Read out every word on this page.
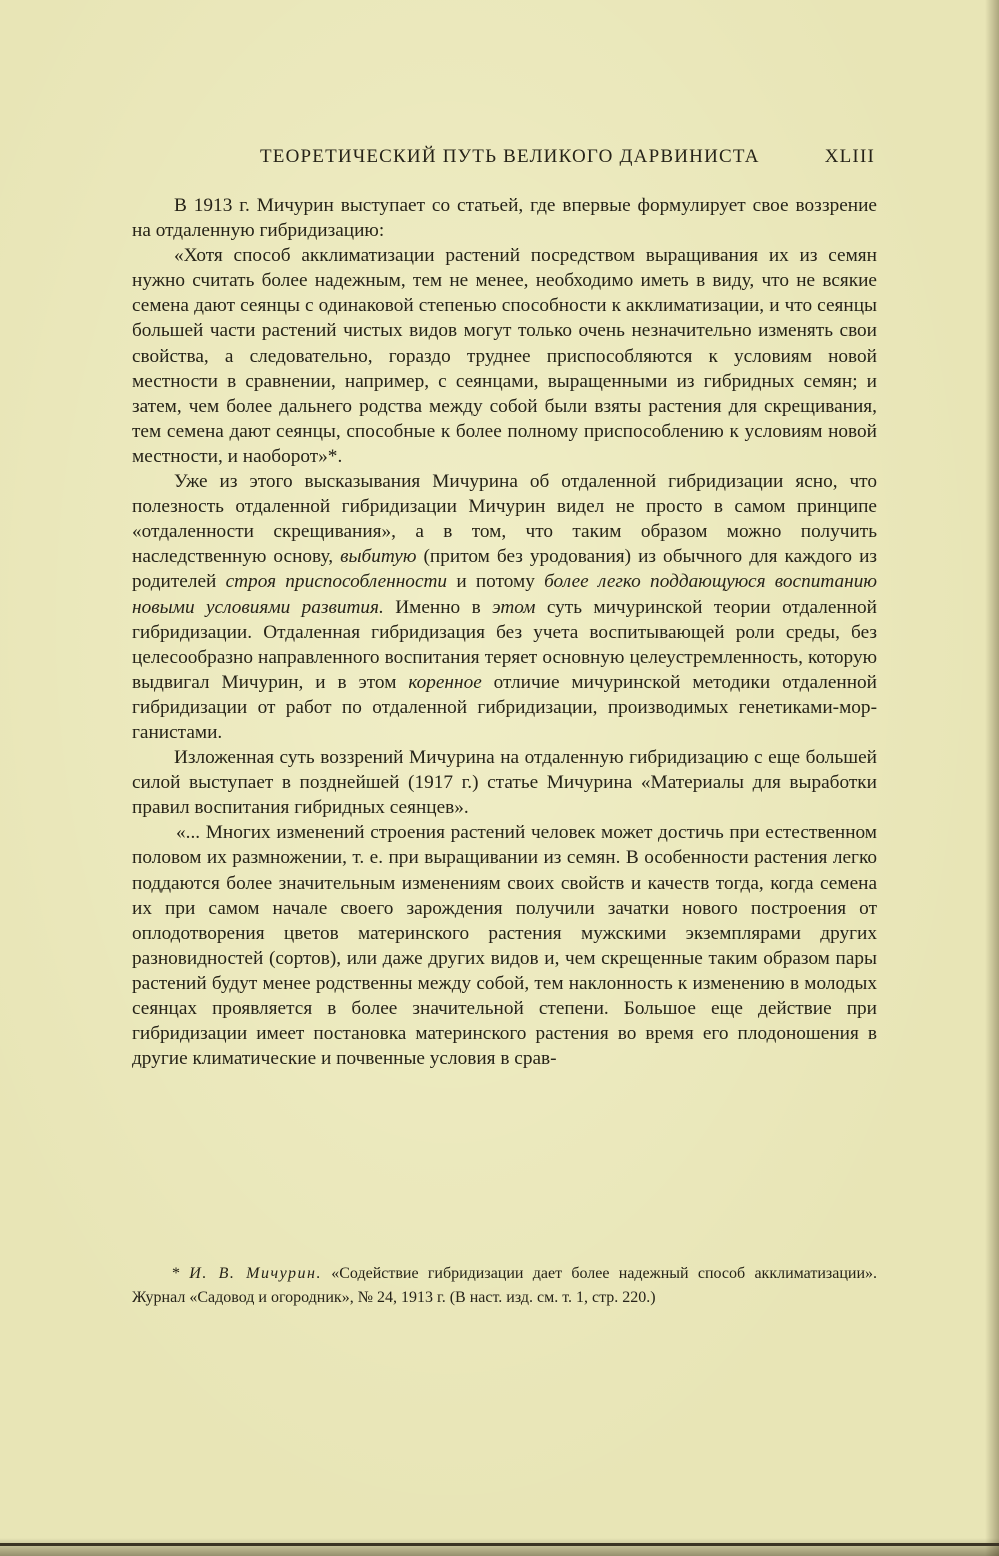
ТЕОРЕТИЧЕСКИЙ ПУТЬ ВЕЛИКОГО ДАРВИНИСТА	XLIII

В 1913 г. Мичурин выступает со статьей, где впервые формулирует свое воззрение на отдаленную гибридизацию:

«Хотя способ акклиматизации растений посредством выращивания их из семян нужно считать более надежным, тем не менее, необходимо иметь в виду, что не всякие семена дают сеянцы с одинаковой степенью способности к акклиматизации, и что сеянцы большей части растений чистых видов могут только очень незначительно изменять свои свойства, а следовательно, гораздо труднее приспособляются к условиям новой местности в сравнении, например, с сеянцами, выращенными из гибридных семян; и затем, чем более дальнего родства между собой были взяты растения для скрещивания, тем семена дают сеянцы, способные к более полному приспособлению к условиям новой местности, и наоборот»*.

Уже из этого высказывания Мичурина об отдаленной гибридизации ясно, что полезность отдаленной гибридизации Мичурин видел не просто в самом принципе «отдаленности скрещивания», а в том, что таким образом можно получить наследственную основу, выбитую (притом без уродования) из обычного для каждого из родителей строя приспособленности и потому более легко поддающуюся воспитанию новыми условиями развития. Именно в этом суть мичуринской теории отдаленной гибридизации. Отдаленная гибридизация без учета воспитывающей роли среды, без целесообразно направленного воспитания теряет основную целеустремленность, которую выдвигал Мичурин, и в этом коренное отличие мичуринской методики отдаленной гибридизации от работ по отдаленной гибридизации, производимых генетиками-морганистами.

Изложенная суть воззрений Мичурина на отдаленную гибридизацию с еще большей силой выступает в позднейшей (1917 г.) статье Мичурина «Материалы для выработки правил воспитания гибридных сеянцев».

«... Многих изменений строения растений человек может достичь при естественном половом их размножении, т. е. при выращивании из семян. В особенности растения легко поддаются более значительным изменениям своих свойств и качеств тогда, когда семена их при самом начале своего зарождения получили зачатки нового построения от оплодотворения цветов материнского растения мужскими экземплярами других разновидностей (сортов), или даже других видов и, чем скрещенные таким образом пары растений будут менее родственны между собой, тем наклонность к изменению в молодых сеянцах проявляется в более значительной степени. Большое еще действие при гибридизации имеет постановка материнского растения во время его плодоношения в другие климатические и почвенные условия в срав-

* И. В. Мичурин. «Содействие гибридизации дает более надежный способ акклиматизации». Журнал «Садовод и огородник», № 24, 1913 г. (В наст. изд. см. т. 1, стр. 220.)
